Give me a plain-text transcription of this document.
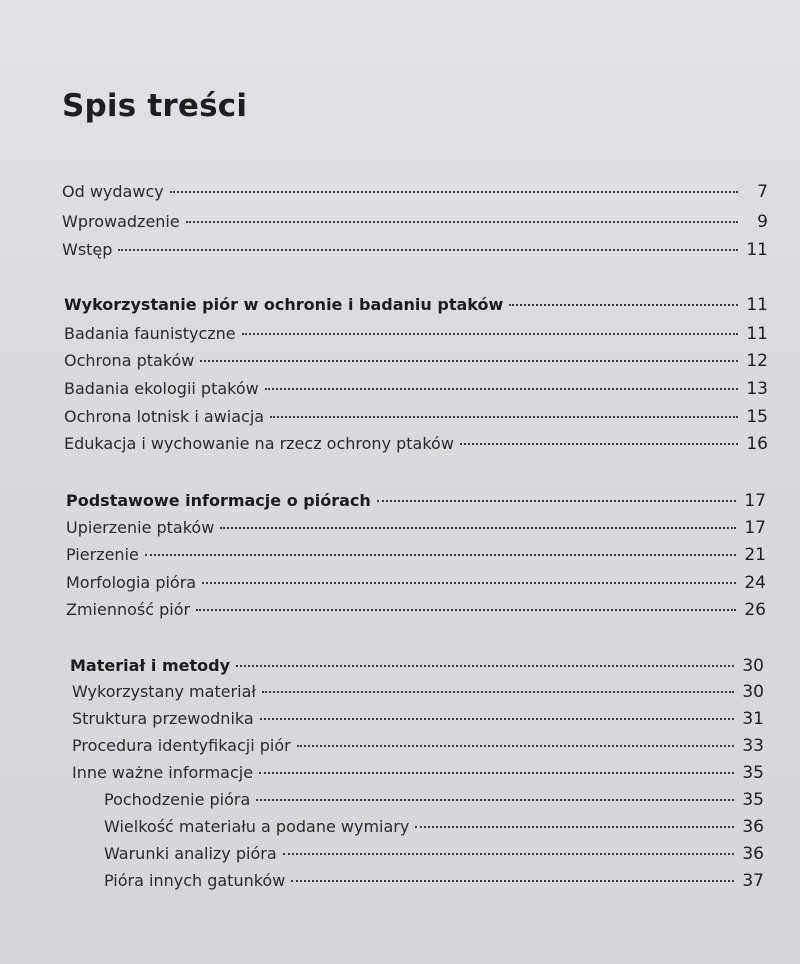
Spis treści
Od wydawcy	7
Wprowadzenie	9
Wstęp	11
Wykorzystanie piór w ochronie i badaniu ptaków	11
Badania faunistyczne	11
Ochrona ptaków	12
Badania ekologii ptaków	13
Ochrona lotnisk i awiacja	15
Edukacja i wychowanie na rzecz ochrony ptaków	16
Podstawowe informacje o piórach	17
Upierzenie ptaków	17
Pierzenie	21
Morfologia pióra	24
Zmienność piór	26
Materiał i metody	30
Wykorzystany materiał	30
Struktura przewodnika	31
Procedura identyfikacji piór	33
Inne ważne informacje	35
Pochodzenie pióra	35
Wielkość materiału a podane wymiary	36
Warunki analizy pióra	36
Pióra innych gatunków	37
